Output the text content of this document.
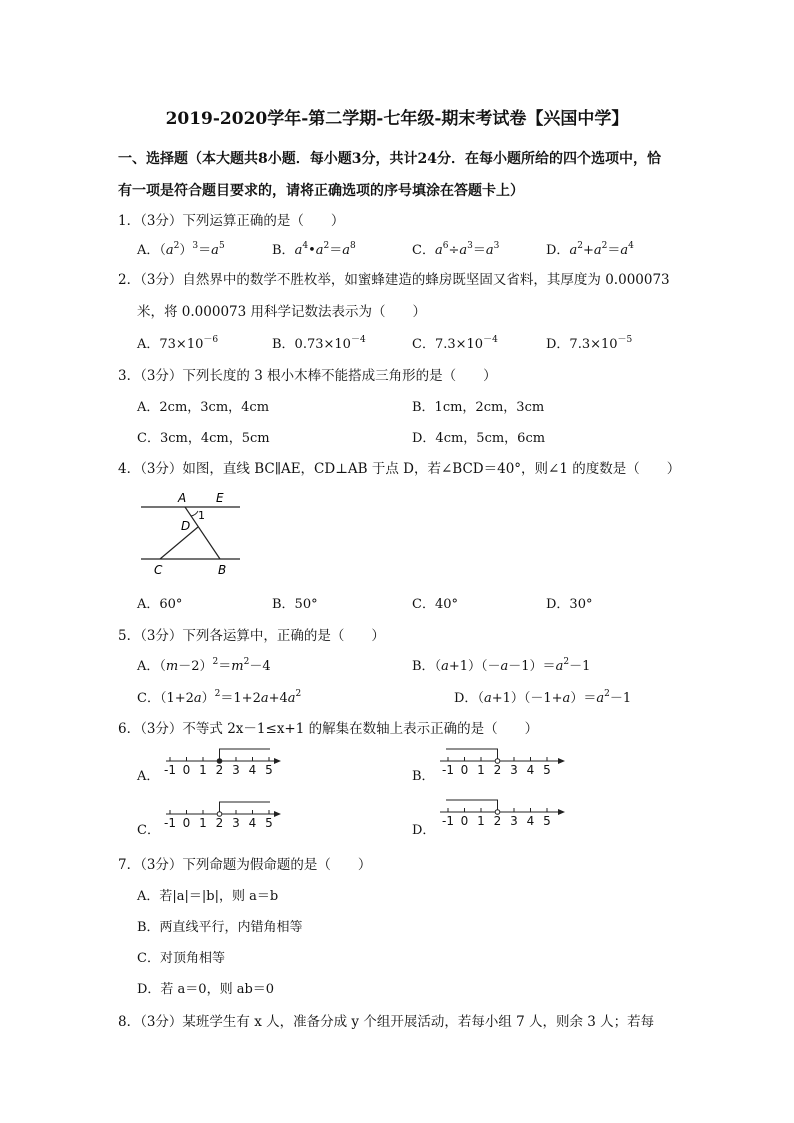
2019-2020学年-第二学期-七年级-期末考试卷【兴国中学】
一、选择题（本大题共8小题．每小题3分，共计24分．在每小题所给的四个选项中，恰
有一项是符合题目要求的，请将正确选项的序号填涂在答题卡上）
1．（3分）下列运算正确的是（　　）
A．$(a^2)^3=a^5$	B．$a^4•a^2=a^8$	C．$a^6\div a^3=a^3$	D．$a^2+a^2=a^4$
2．（3分）自然界中的数学不胜枚举，如蜜蜂建造的蜂房既坚固又省料，其厚度为 0.000073
米，将 0.000073 用科学记数法表示为（　　）
A．$73\times 10^{-6}$	B．$0.73\times 10^{-4}$	C．$7.3\times 10^{-4}$	D．$7.3\times 10^{-5}$
3．（3分）下列长度的 3 根小木棒不能搭成三角形的是（　　）
A．2cm，3cm，4cm	B．1cm，2cm，3cm
C．3cm，4cm，5cm	D．4cm，5cm，6cm
4．（3分）如图，直线 BC∥AE，CD⊥AB 于点 D，若∠BCD＝40°，则∠1 的度数是（　　）
A E
1
D
C	B
A．60°	B．50°	C．40°	D．30°
5．（3分）下列各运算中，正确的是（　　）
A．$(m-2)^2=m^2-4$	B．$(a+1)(-a-1)=a^2-1$
C．$(1+2a)^2=1+2a+4a^2$	D．$(a+1)(-1+a)=a^2-1$
6．（3分）不等式 2x－1≤x+1 的解集在数轴上表示正确的是（　　）
A． -1 0 1 2 3 4 5	B． -1 0 1 2 3 4 5
C． -1 0 1 2 3 4 5	D．
-1 0 1 2 3 4 5
7．（3分）下列命题为假命题的是（　　）
A．若|a|＝|b|，则 a＝b
B．两直线平行，内错角相等
C．对顶角相等
D．若 a＝0，则 ab＝0
8．（3分）某班学生有 x 人，准备分成 y 个组开展活动，若每小组 7 人，则余 3 人；若每
